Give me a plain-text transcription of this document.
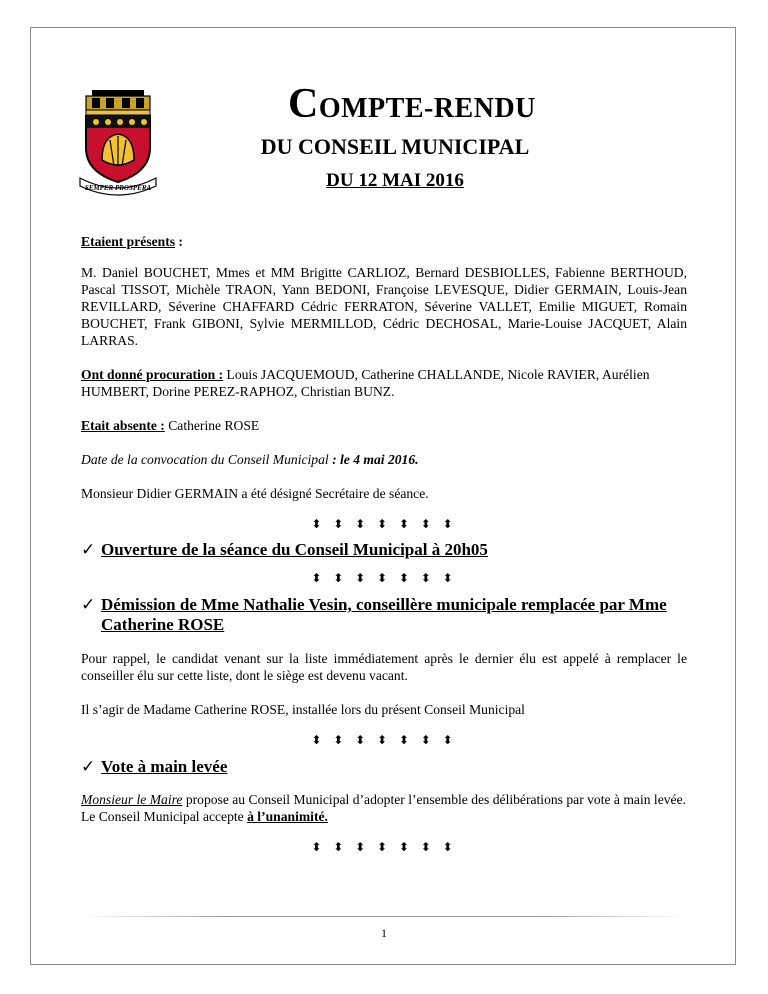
SEMPER PROSPERA
COMPTE-RENDU
DU CONSEIL MUNICIPAL
DU 12 MAI 2016

Etaient présents :

M. Daniel BOUCHET, Mmes et MM Brigitte CARLIOZ, Bernard DESBIOLLES, Fabienne BERTHOUD, Pascal TISSOT, Michèle TRAON, Yann BEDONI, Françoise LEVESQUE, Didier GERMAIN, Louis-Jean REVILLARD, Séverine CHAFFARD Cédric FERRATON, Séverine VALLET, Emilie MIGUET, Romain BOUCHET, Frank GIBONI, Sylvie MERMILLOD, Cédric DECHOSAL, Marie-Louise JACQUET, Alain LARRAS.

Ont donné procuration : Louis JACQUEMOUD, Catherine CHALLANDE, Nicole RAVIER, Aurélien HUMBERT, Dorine PEREZ-RAPHOZ, Christian BUNZ.

Etait absente : Catherine ROSE

Date de la convocation du Conseil Municipal : le 4 mai 2016.

Monsieur Didier GERMAIN a été désigné Secrétaire de séance.

⬍ ⬍ ⬍ ⬍ ⬍ ⬍ ⬍
✓ Ouverture de la séance du Conseil Municipal à 20h05
⬍ ⬍ ⬍ ⬍ ⬍ ⬍ ⬍
✓ Démission de Mme Nathalie Vesin, conseillère municipale remplacée par Mme Catherine ROSE

Pour rappel, le candidat venant sur la liste immédiatement après le dernier élu est appelé à remplacer le conseiller élu sur cette liste, dont le siège est devenu vacant.

Il s’agir de Madame Catherine ROSE, installée lors du présent Conseil Municipal

⬍ ⬍ ⬍ ⬍ ⬍ ⬍ ⬍
✓ Vote à main levée

Monsieur le Maire propose au Conseil Municipal d’adopter l’ensemble des délibérations par vote à main levée.

Le Conseil Municipal accepte à l’unanimité.

⬍ ⬍ ⬍ ⬍ ⬍ ⬍ ⬍
1
